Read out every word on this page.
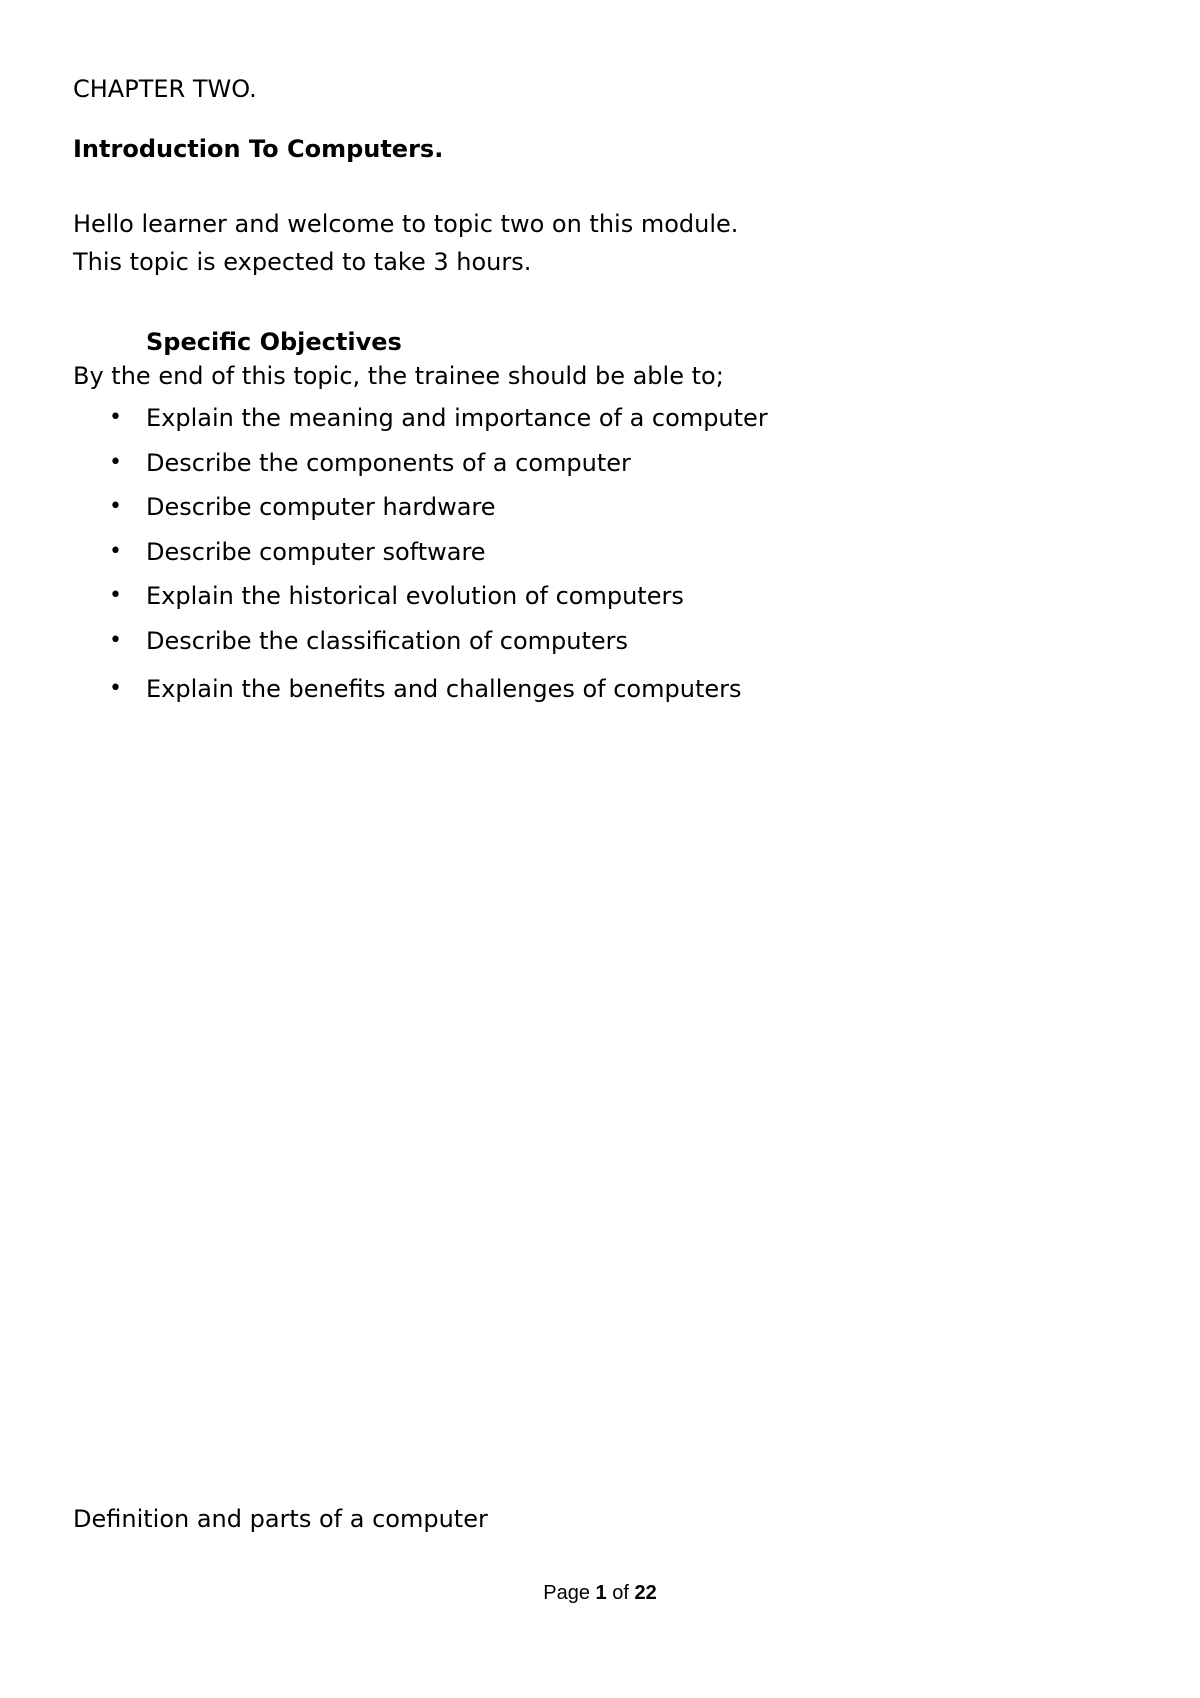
CHAPTER TWO.
Introduction To Computers.
Hello learner and welcome to topic two on this module.
This topic is expected to take 3 hours.
Specific Objectives
By the end of this topic, the trainee should be able to;
• Explain the meaning and importance of a computer
• Describe the components of a computer
• Describe computer hardware
• Describe computer software
• Explain the historical evolution of computers
• Describe the classification of computers
• Explain the benefits and challenges of computers
Definition and parts of a computer
Page 1 of 22
